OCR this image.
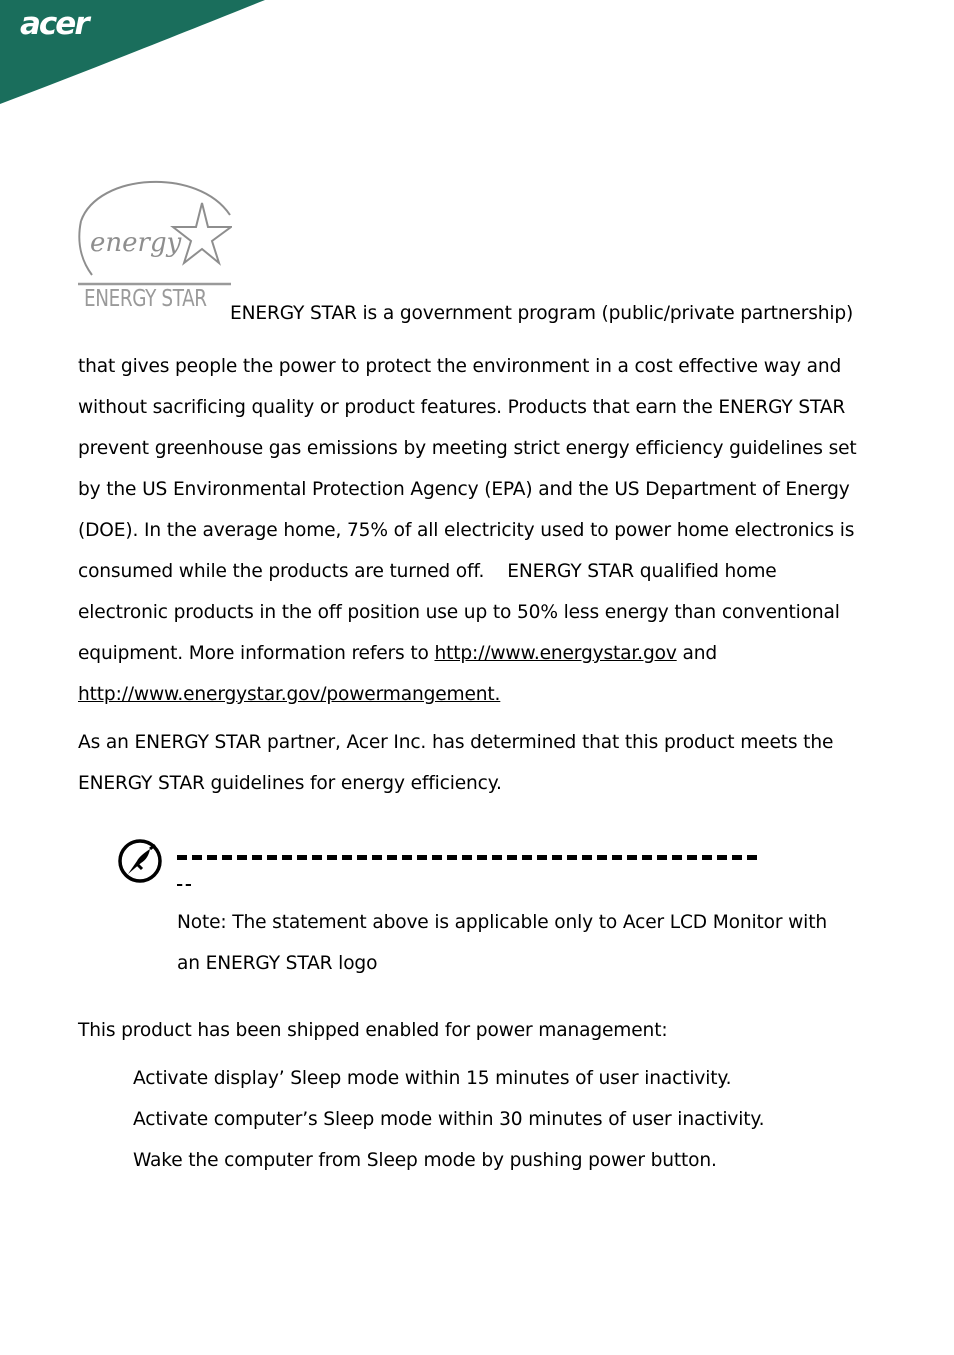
acer
energy
ENERGY STAR
ENERGY STAR is a government program (public/private partnership)
that gives people the power to protect the environment in a cost effective way and
without sacrificing quality or product features. Products that earn the ENERGY STAR
prevent greenhouse gas emissions by meeting strict energy efficiency guidelines set
by the US Environmental Protection Agency (EPA) and the US Department of Energy
(DOE). In the average home, 75% of all electricity used to power home electronics is
consumed while the products are turned off.    ENERGY STAR qualified home
electronic products in the off position use up to 50% less energy than conventional
equipment. More information refers to http://www.energystar.gov and
http://www.energystar.gov/powermangement.
As an ENERGY STAR partner, Acer Inc. has determined that this product meets the
ENERGY STAR guidelines for energy efficiency.
Note: The statement above is applicable only to Acer LCD Monitor with
an ENERGY STAR logo
This product has been shipped enabled for power management:
Activate display’ Sleep mode within 15 minutes of user inactivity.
Activate computer’s Sleep mode within 30 minutes of user inactivity.
Wake the computer from Sleep mode by pushing power button.
